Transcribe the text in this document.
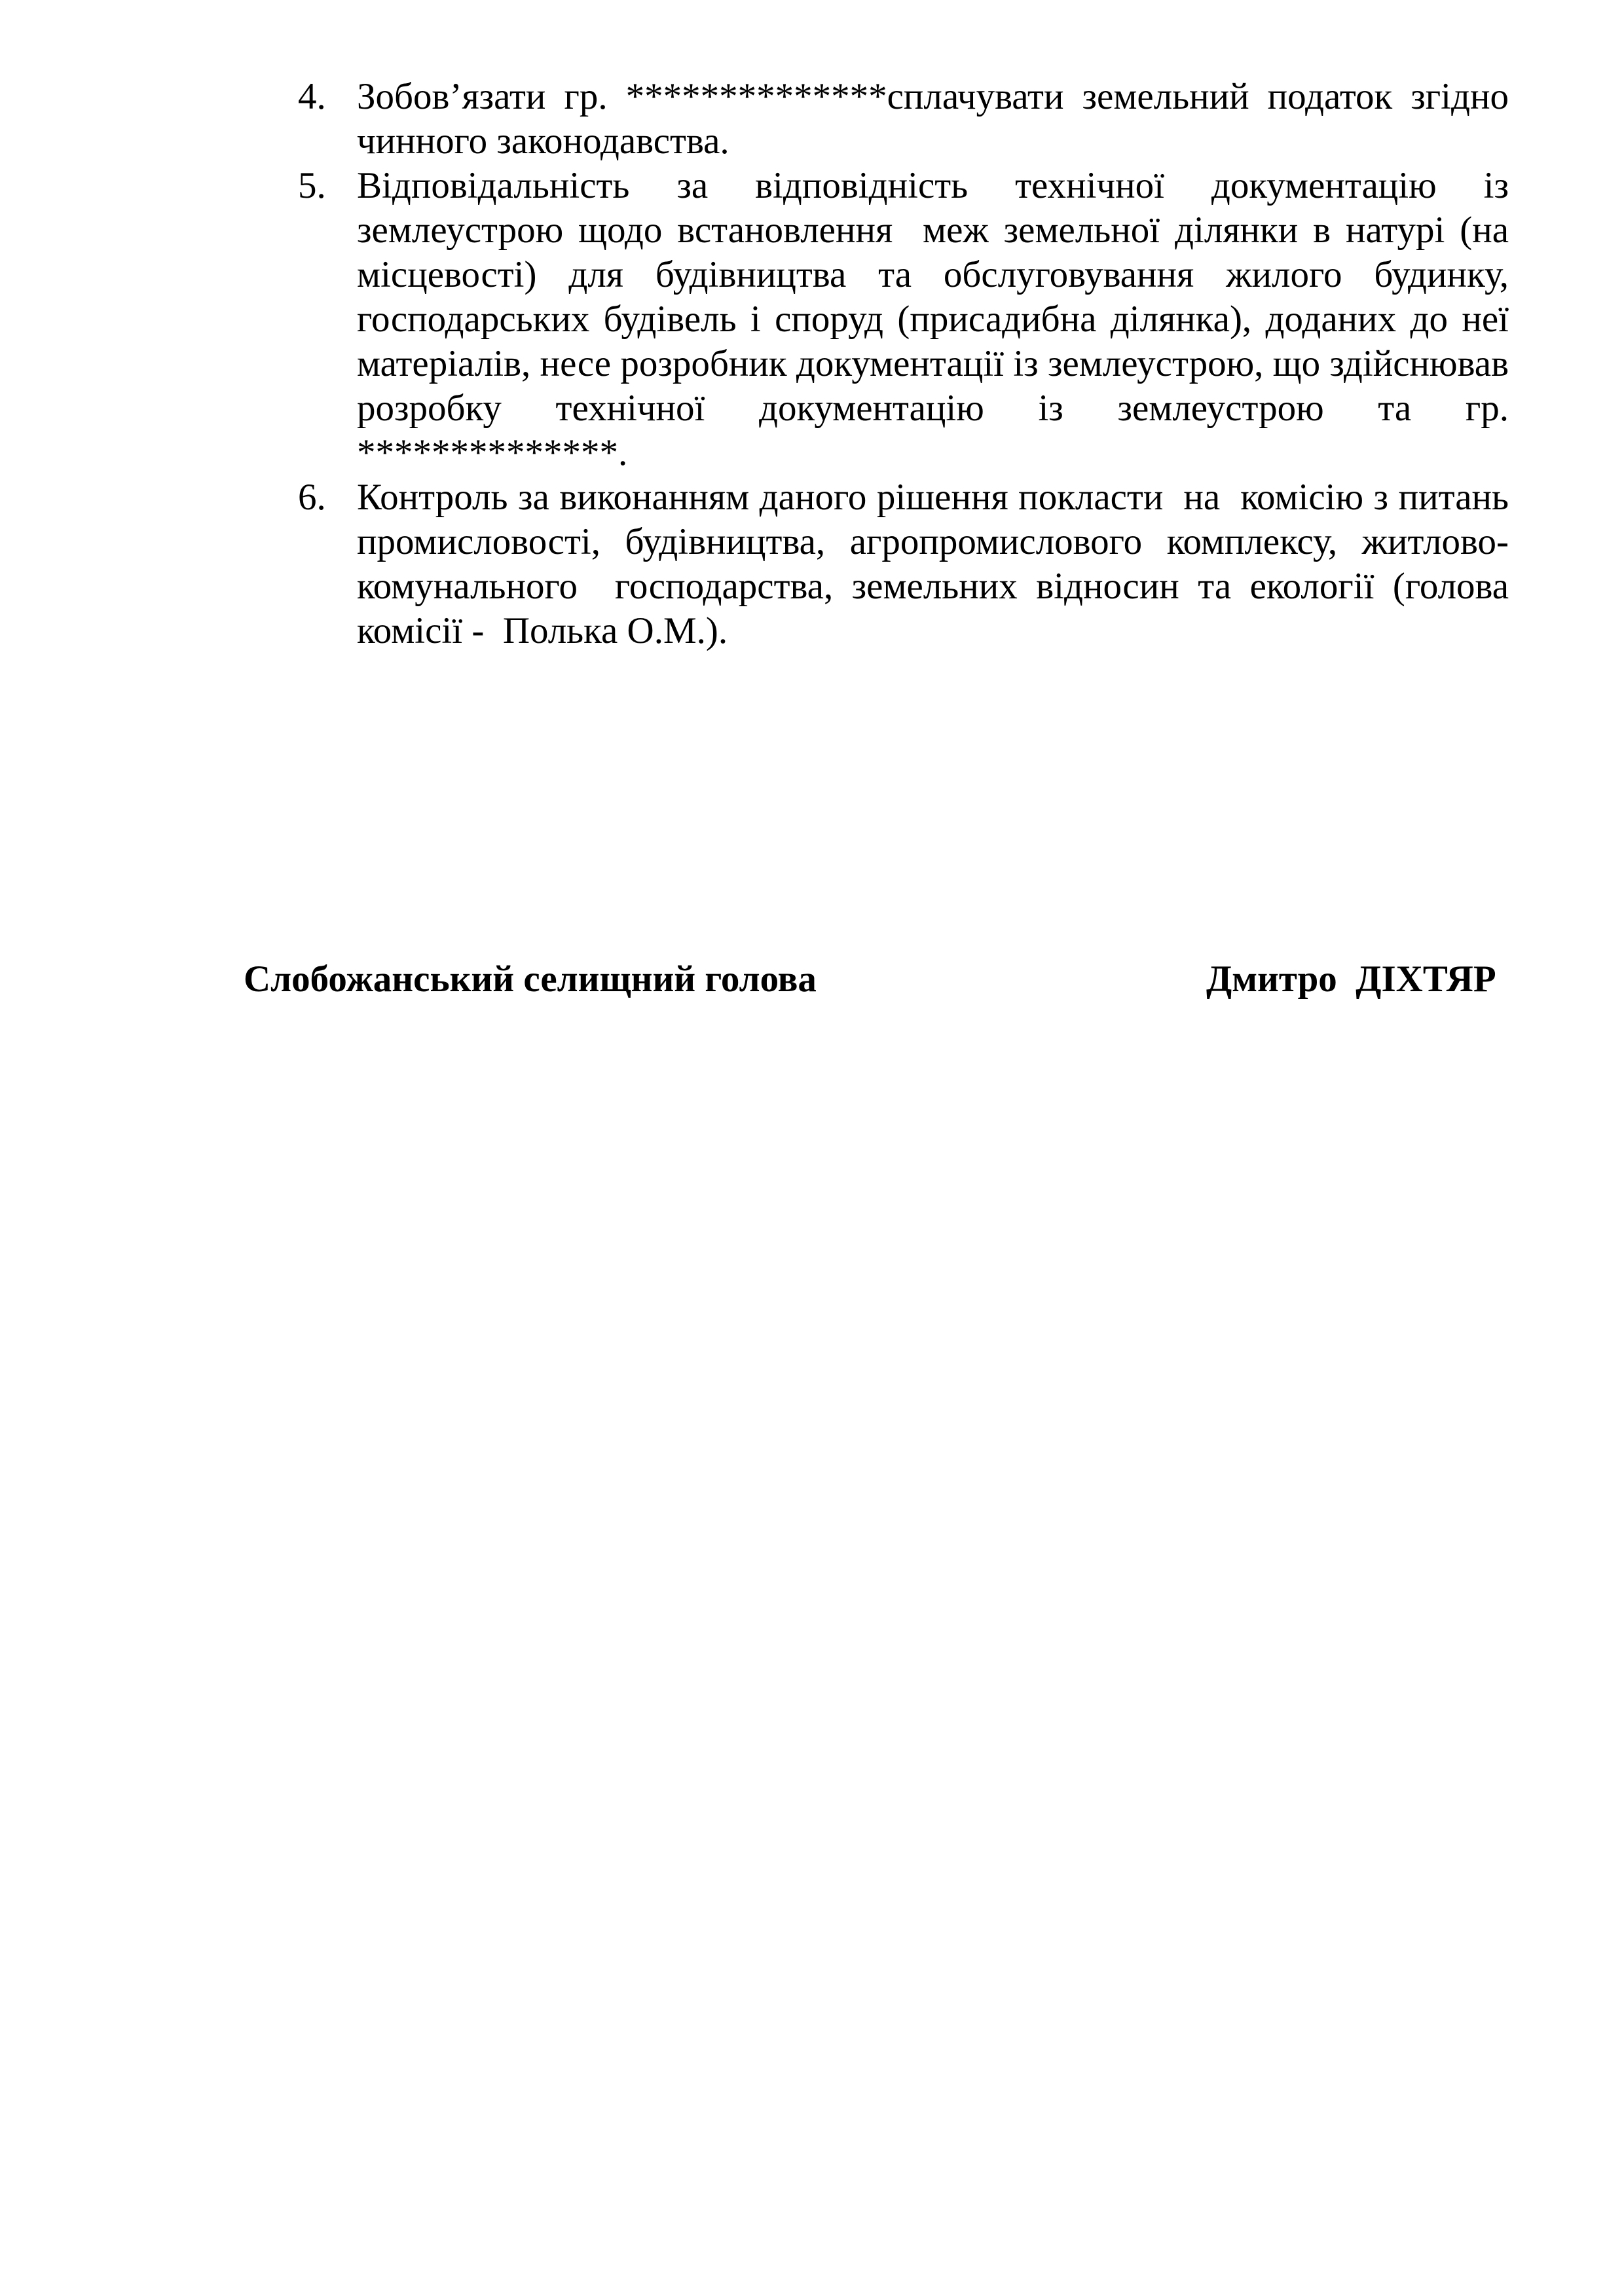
4. Зобов’язати гр. **************сплачувати земельний податок згідно чинного законодавства.
5. Відповідальність за відповідність технічної документацію із землеустрою щодо встановлення  меж земельної ділянки в натурі (на місцевості) для будівництва та обслуговування жилого будинку, господарських будівель і споруд (присадибна ділянка), доданих до неї матеріалів, несе розробник документації із землеустрою, що здійснював розробку технічної документацію із землеустрою та гр. **************.
6. Контроль за виконанням даного рішення покласти  на  комісію з питань промисловості, будівництва, агропромислового комплексу, житлово-комунального  господарства, земельних відносин та екології (голова комісії -  Полька О.М.).
Слобожанський селищний голова	Дмитро  ДІХТЯР
